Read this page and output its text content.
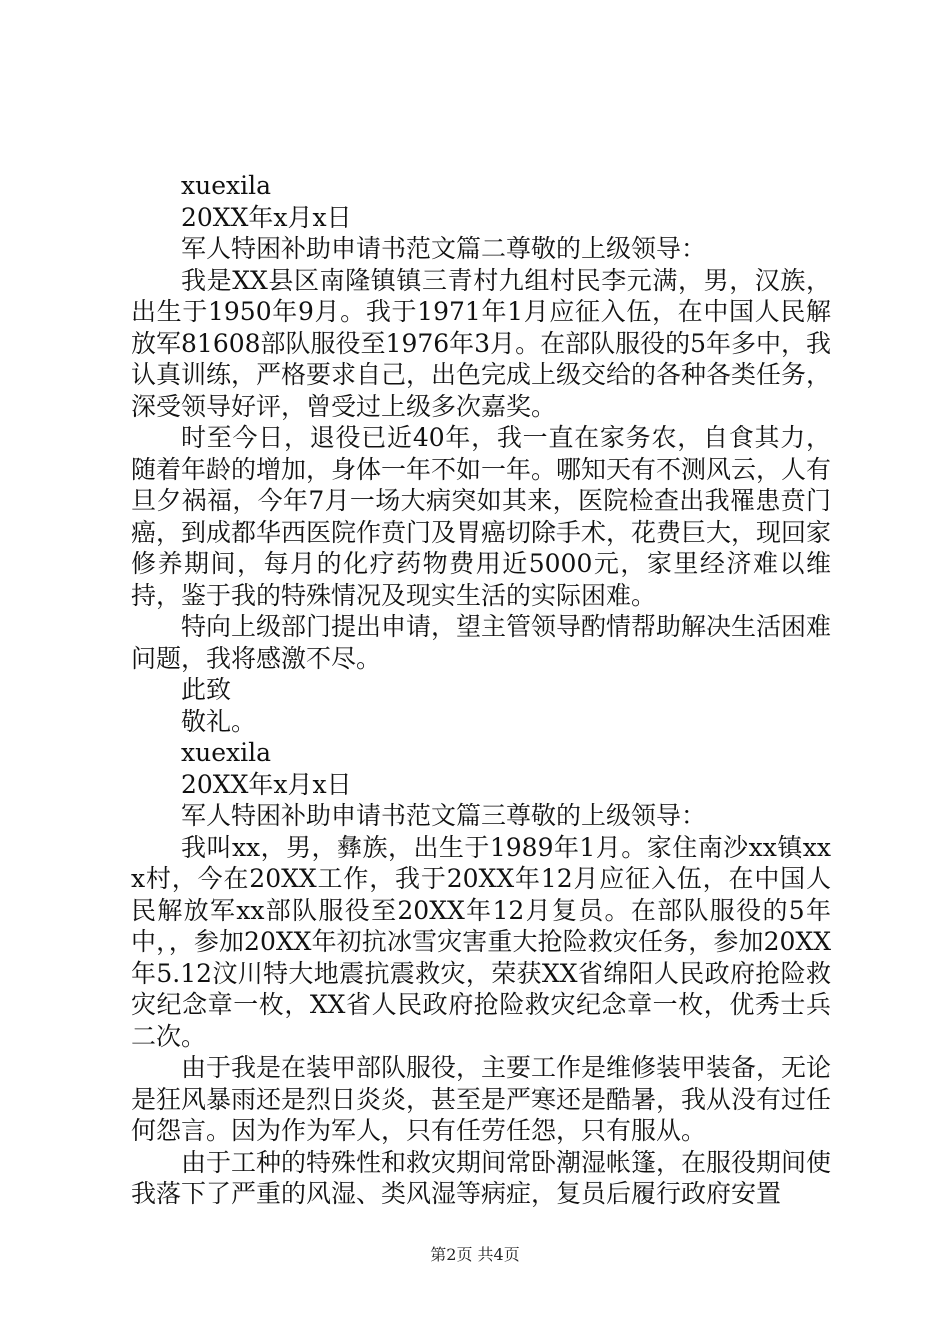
xuexila

20XX年x月x日

军人特困补助申请书范文篇二尊敬的上级领导：

我是XX县区南隆镇镇三青村九组村民李元满，男，汉族，出生于1950年9月。我于1971年1月应征入伍，在中国人民解放军81608部队服役至1976年3月。在部队服役的5年多中，我认真训练，严格要求自己，出色完成上级交给的各种各类任务，深受领导好评，曾受过上级多次嘉奖。

时至今日，退役已近40年，我一直在家务农，自食其力，随着年龄的增加，身体一年不如一年。哪知天有不测风云，人有旦夕祸福，今年7月一场大病突如其来，医院检查出我罹患贲门癌，到成都华西医院作贲门及胃癌切除手术，花费巨大，现回家修养期间，每月的化疗药物费用近5000元，家里经济难以维持，鉴于我的特殊情况及现实生活的实际困难。

特向上级部门提出申请，望主管领导酌情帮助解决生活困难问题，我将感激不尽。

此致

敬礼。

xuexila

20XX年x月x日

军人特困补助申请书范文篇三尊敬的上级领导：

我叫xx，男，彝族，出生于1989年1月。家住南沙xx镇xxx村，今在20XX工作，我于20XX年12月应征入伍，在中国人民解放军xx部队服役至20XX年12月复员。在部队服役的5年中，，参加20XX年初抗冰雪灾害重大抢险救灾任务，参加20XX年5.12汶川特大地震抗震救灾，荣获XX省绵阳人民政府抢险救灾纪念章一枚，XX省人民政府抢险救灾纪念章一枚，优秀士兵二次。

由于我是在装甲部队服役，主要工作是维修装甲装备，无论是狂风暴雨还是烈日炎炎，甚至是严寒还是酷暑，我从没有过任何怨言。因为作为军人，只有任劳任怨，只有服从。

由于工种的特殊性和救灾期间常卧潮湿帐篷，在服役期间使我落下了严重的风湿、类风湿等病症，复员后履行政府安置

第2页 共4页
